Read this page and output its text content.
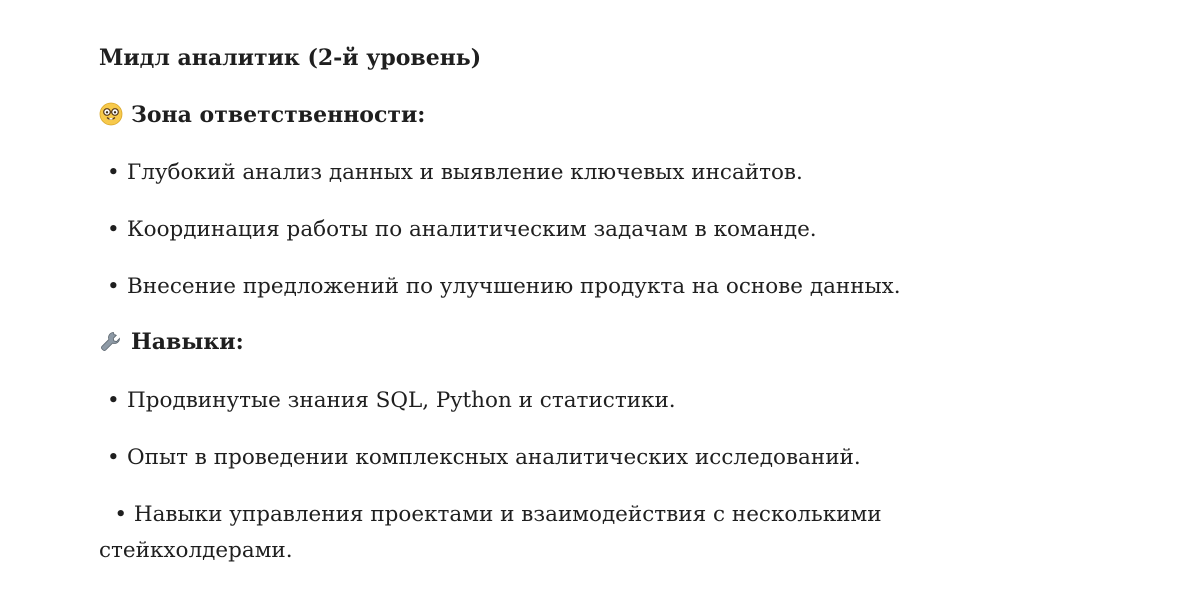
Мидл аналитик (2-й уровень)
Зона ответственности:
• Глубокий анализ данных и выявление ключевых инсайтов.
• Координация работы по аналитическим задачам в команде.
• Внесение предложений по улучшению продукта на основе данных.
Навыки:
• Продвинутые знания SQL, Python и статистики.
• Опыт в проведении комплексных аналитических исследований.
• Навыки управления проектами и взаимодействия с несколькими стейкхолдерами.
